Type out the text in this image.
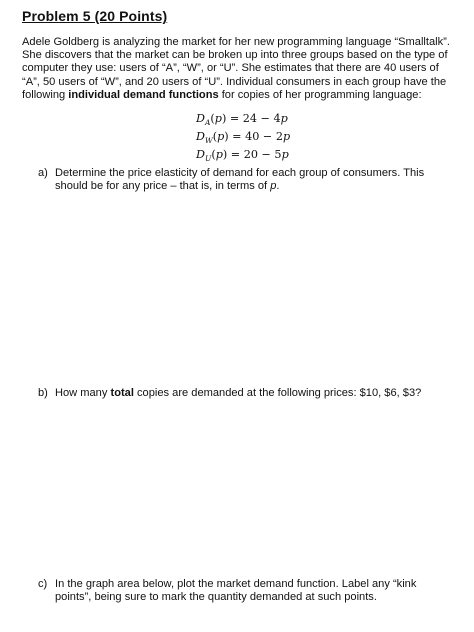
Problem 5 (20 Points)
Adele Goldberg is analyzing the market for her new programming language “Smalltalk”. She discovers that the market can be broken up into three groups based on the type of computer they use: users of “A”, “W”, or “U”. She estimates that there are 40 users of “A”, 50 users of “W”, and 20 users of “U”. Individual consumers in each group have the following individual demand functions for copies of her programming language:
$D_A(p) = 24 - 4p$
$D_W(p) = 40 - 2p$
$D_U(p) = 20 - 5p$
a) Determine the price elasticity of demand for each group of consumers. This should be for any price – that is, in terms of p.
b) How many total copies are demanded at the following prices: $10, $6, $3?
c) In the graph area below, plot the market demand function. Label any “kink points”, being sure to mark the quantity demanded at such points.
